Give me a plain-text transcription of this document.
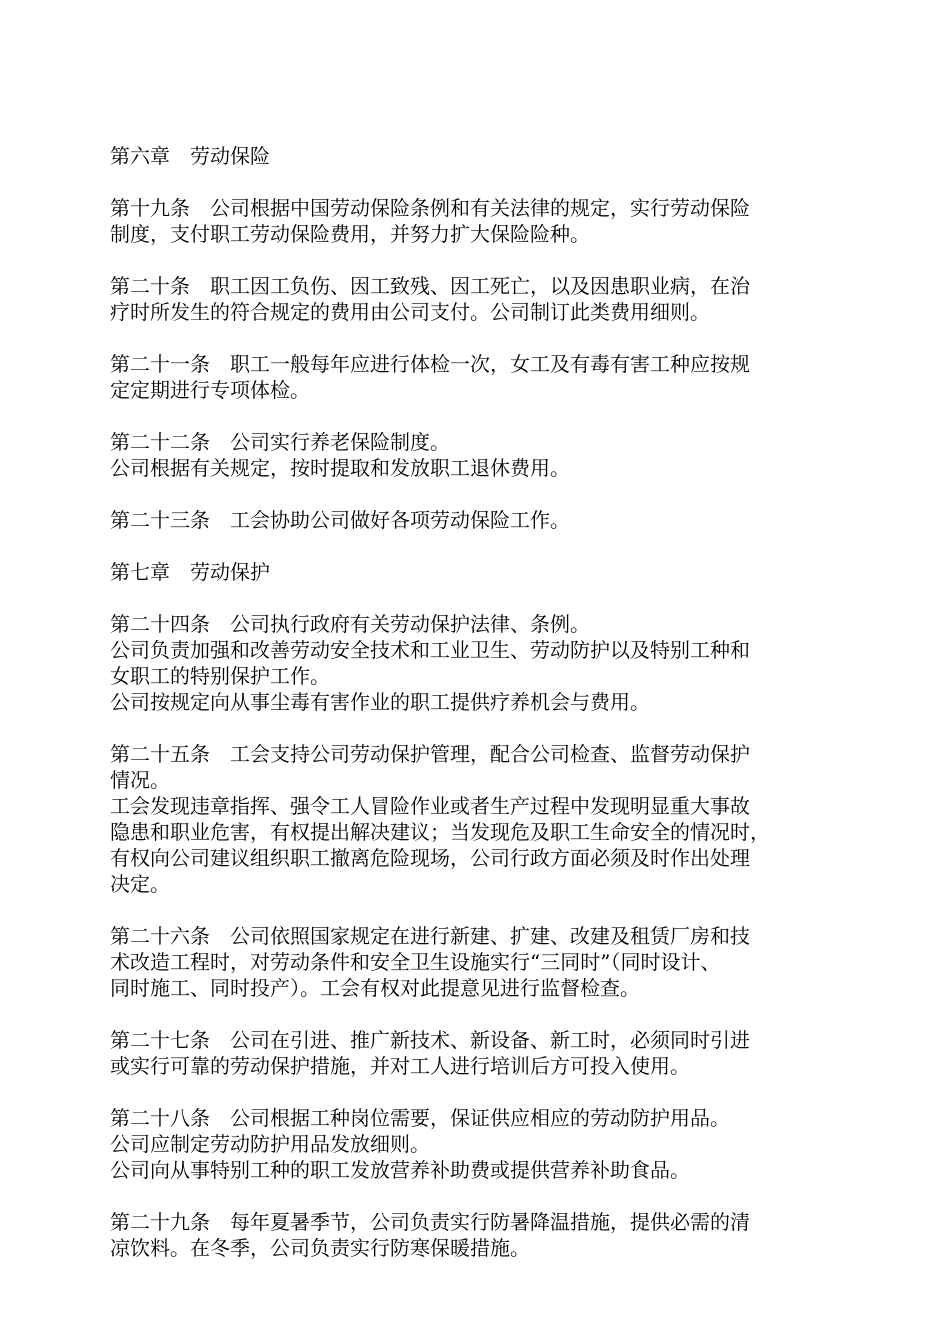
第六章　劳动保险
第十九条　公司根据中国劳动保险条例和有关法律的规定，实行劳动保险
制度，支付职工劳动保险费用，并努力扩大保险险种。
第二十条　职工因工负伤、因工致残、因工死亡，以及因患职业病，在治
疗时所发生的符合规定的费用由公司支付。公司制订此类费用细则。
第二十一条　职工一般每年应进行体检一次，女工及有毒有害工种应按规
定定期进行专项体检。
第二十二条　公司实行养老保险制度。
公司根据有关规定，按时提取和发放职工退休费用。
第二十三条　工会协助公司做好各项劳动保险工作。
第七章　劳动保护
第二十四条　公司执行政府有关劳动保护法律、条例。
公司负责加强和改善劳动安全技术和工业卫生、劳动防护以及特别工种和
女职工的特别保护工作。
公司按规定向从事尘毒有害作业的职工提供疗养机会与费用。
第二十五条　工会支持公司劳动保护管理，配合公司检查、监督劳动保护
情况。
工会发现违章指挥、强令工人冒险作业或者生产过程中发现明显重大事故
隐患和职业危害，有权提出解决建议；当发现危及职工生命安全的情况时，
有权向公司建议组织职工撤离危险现场，公司行政方面必须及时作出处理
决定。
第二十六条　公司依照国家规定在进行新建、扩建、改建及租赁厂房和技
术改造工程时，对劳动条件和安全卫生设施实行“三同时”（同时设计、
同时施工、同时投产）。工会有权对此提意见进行监督检查。
第二十七条　公司在引进、推广新技术、新设备、新工时，必须同时引进
或实行可靠的劳动保护措施，并对工人进行培训后方可投入使用。
第二十八条　公司根据工种岗位需要，保证供应相应的劳动防护用品。
公司应制定劳动防护用品发放细则。
公司向从事特别工种的职工发放营养补助费或提供营养补助食品。
第二十九条　每年夏暑季节，公司负责实行防暑降温措施，提供必需的清
凉饮料。在冬季，公司负责实行防寒保暖措施。
